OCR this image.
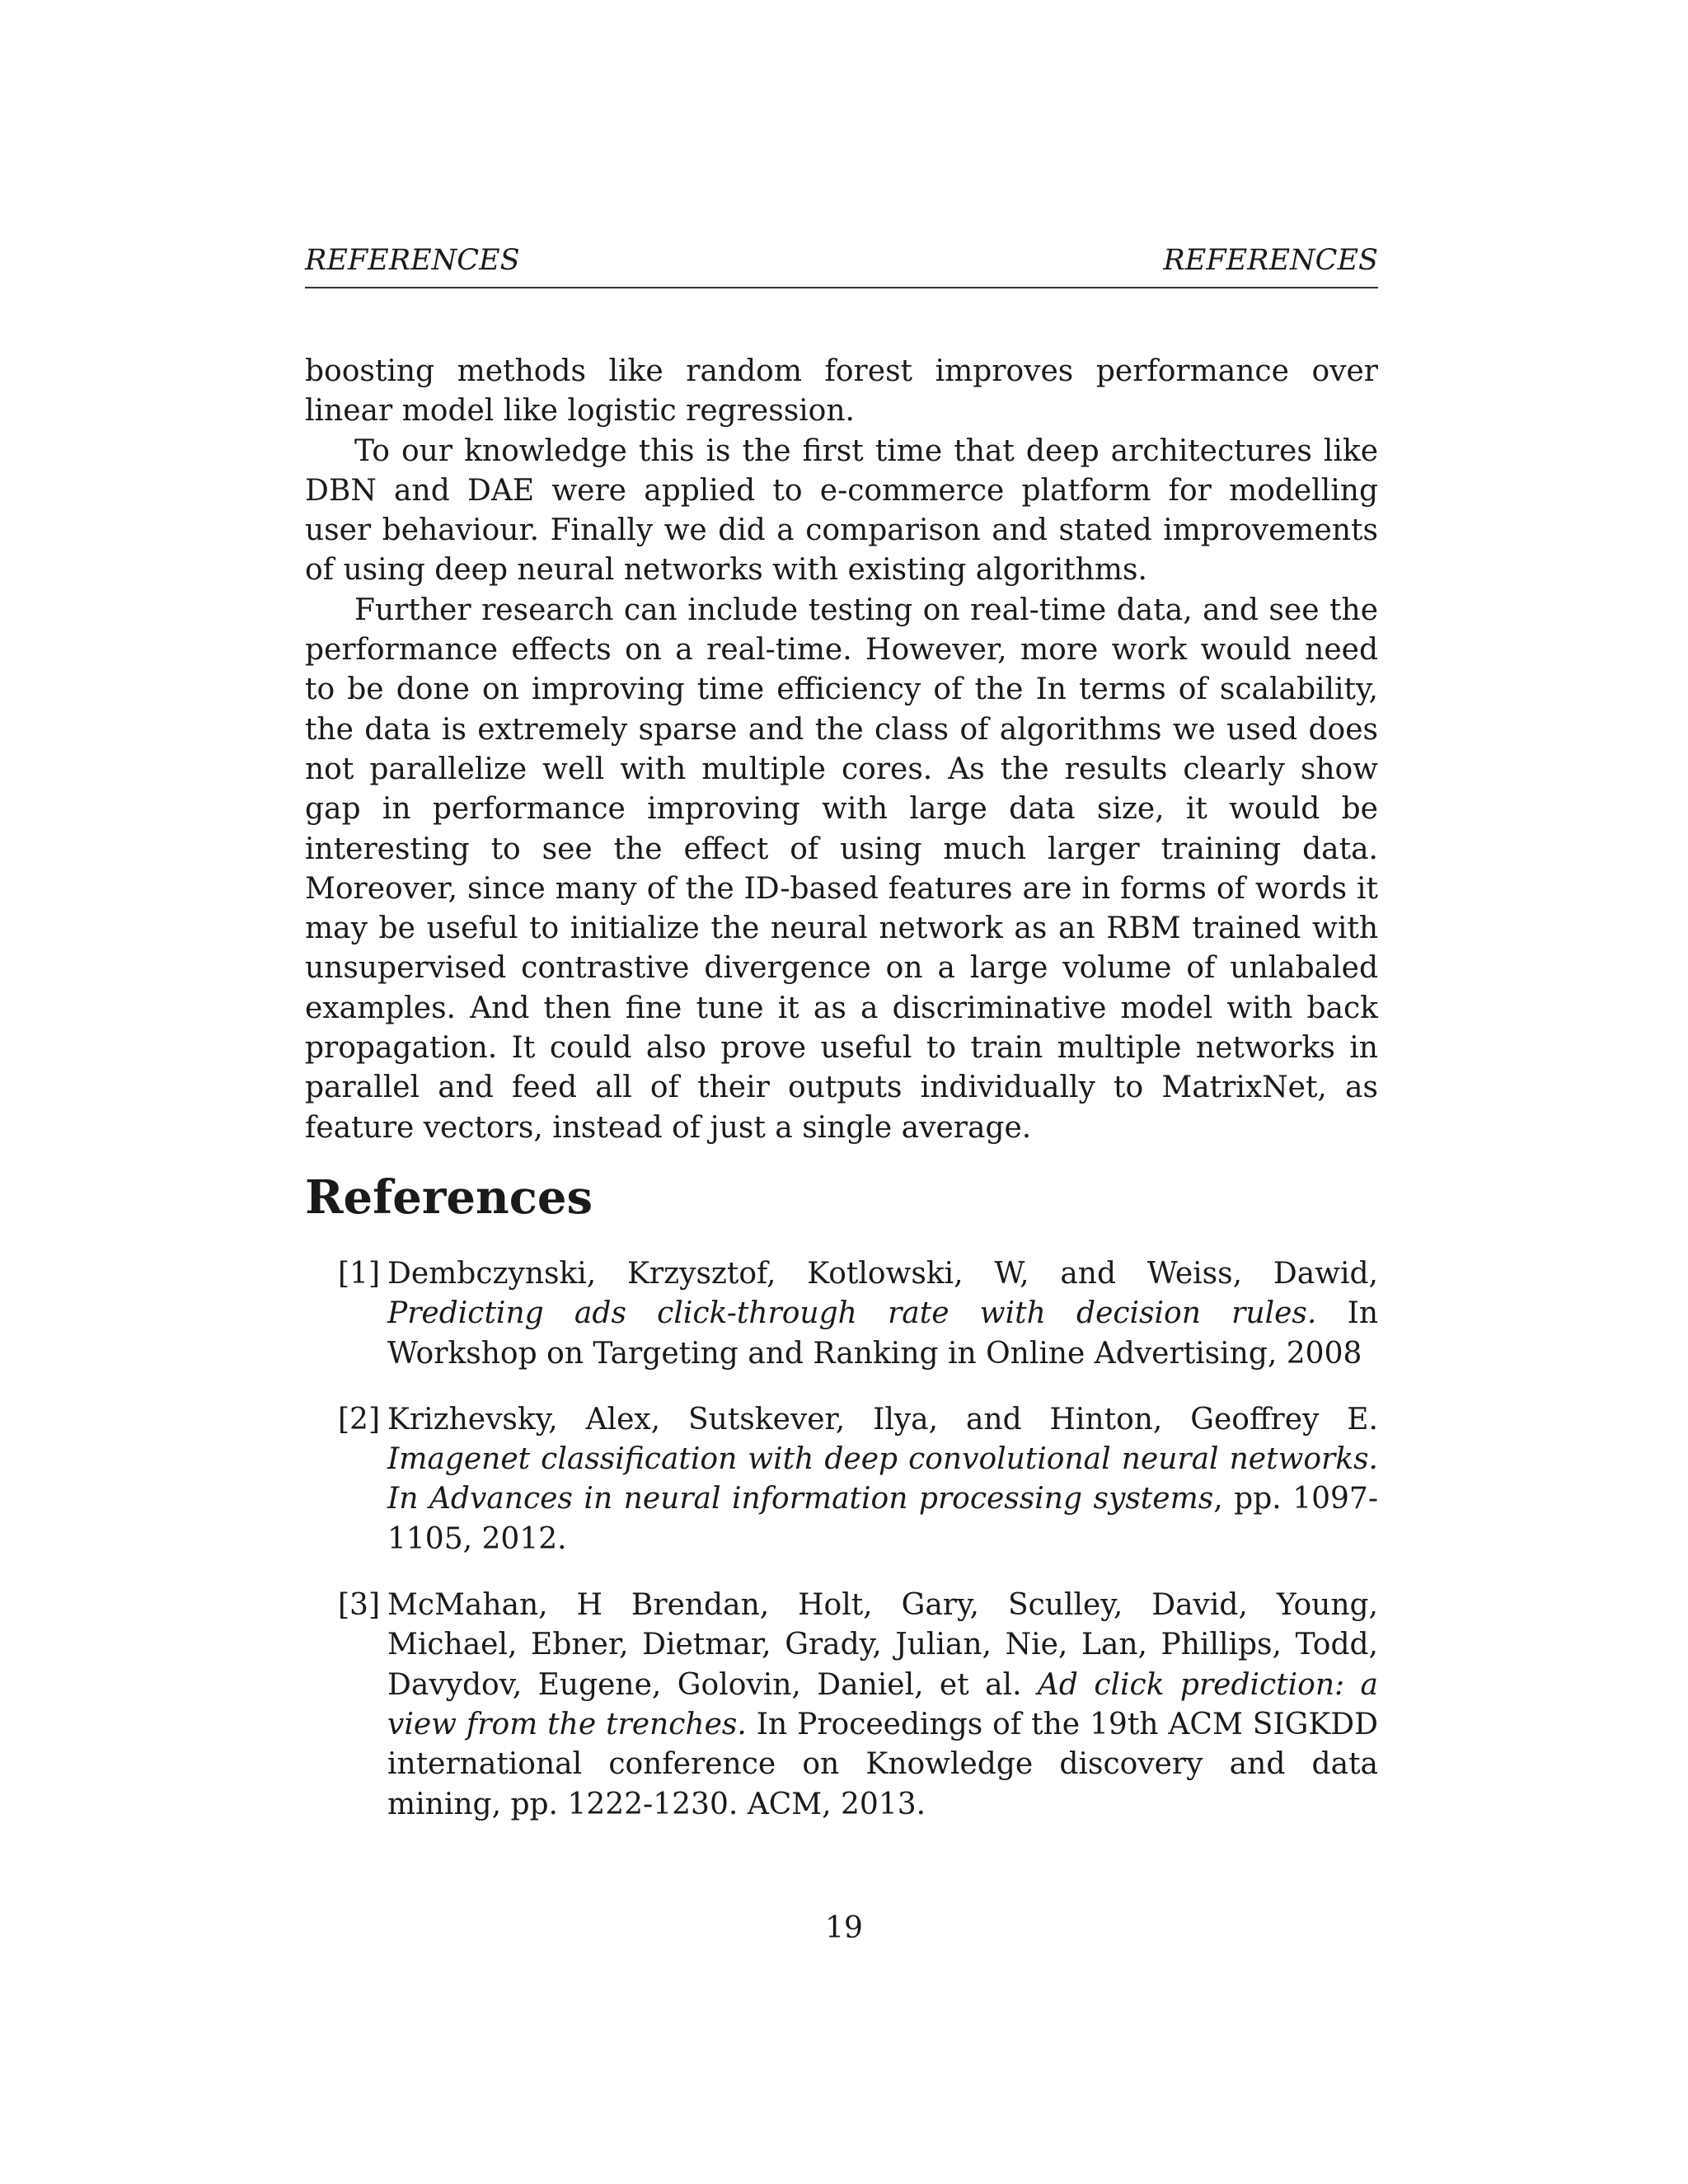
REFERENCES	REFERENCES

boosting methods like random forest improves performance over linear model like logistic regression.

To our knowledge this is the first time that deep architectures like DBN and DAE were applied to e-commerce platform for modelling user behaviour. Finally we did a comparison and stated improvements of using deep neural networks with existing algorithms.

Further research can include testing on real-time data, and see the performance effects on a real-time. However, more work would need to be done on improving time efficiency of the In terms of scalability, the data is extremely sparse and the class of algorithms we used does not parallelize well with multiple cores. As the results clearly show gap in performance improving with large data size, it would be interesting to see the effect of using much larger training data. Moreover, since many of the ID-based features are in forms of words it may be useful to initialize the neural network as an RBM trained with unsupervised contrastive divergence on a large volume of unlabaled examples. And then fine tune it as a discriminative model with back propagation. It could also prove useful to train multiple networks in parallel and feed all of their outputs individually to MatrixNet, as feature vectors, instead of just a single average.

References
[1] Dembczynski, Krzysztof, Kotlowski, W, and Weiss, Dawid, Predicting ads click-through rate with decision rules. In Workshop on Targeting and Ranking in Online Advertising, 2008
[2] Krizhevsky, Alex, Sutskever, Ilya, and Hinton, Geoffrey E. Imagenet classification with deep convolutional neural networks. In Advances in neural information processing systems, pp. 1097-1105, 2012.
[3] McMahan, H Brendan, Holt, Gary, Sculley, David, Young, Michael, Ebner, Dietmar, Grady, Julian, Nie, Lan, Phillips, Todd, Davydov, Eugene, Golovin, Daniel, et al. Ad click prediction: a view from the trenches. In Proceedings of the 19th ACM SIGKDD international conference on Knowledge discovery and data mining, pp. 1222-1230. ACM, 2013.
19
